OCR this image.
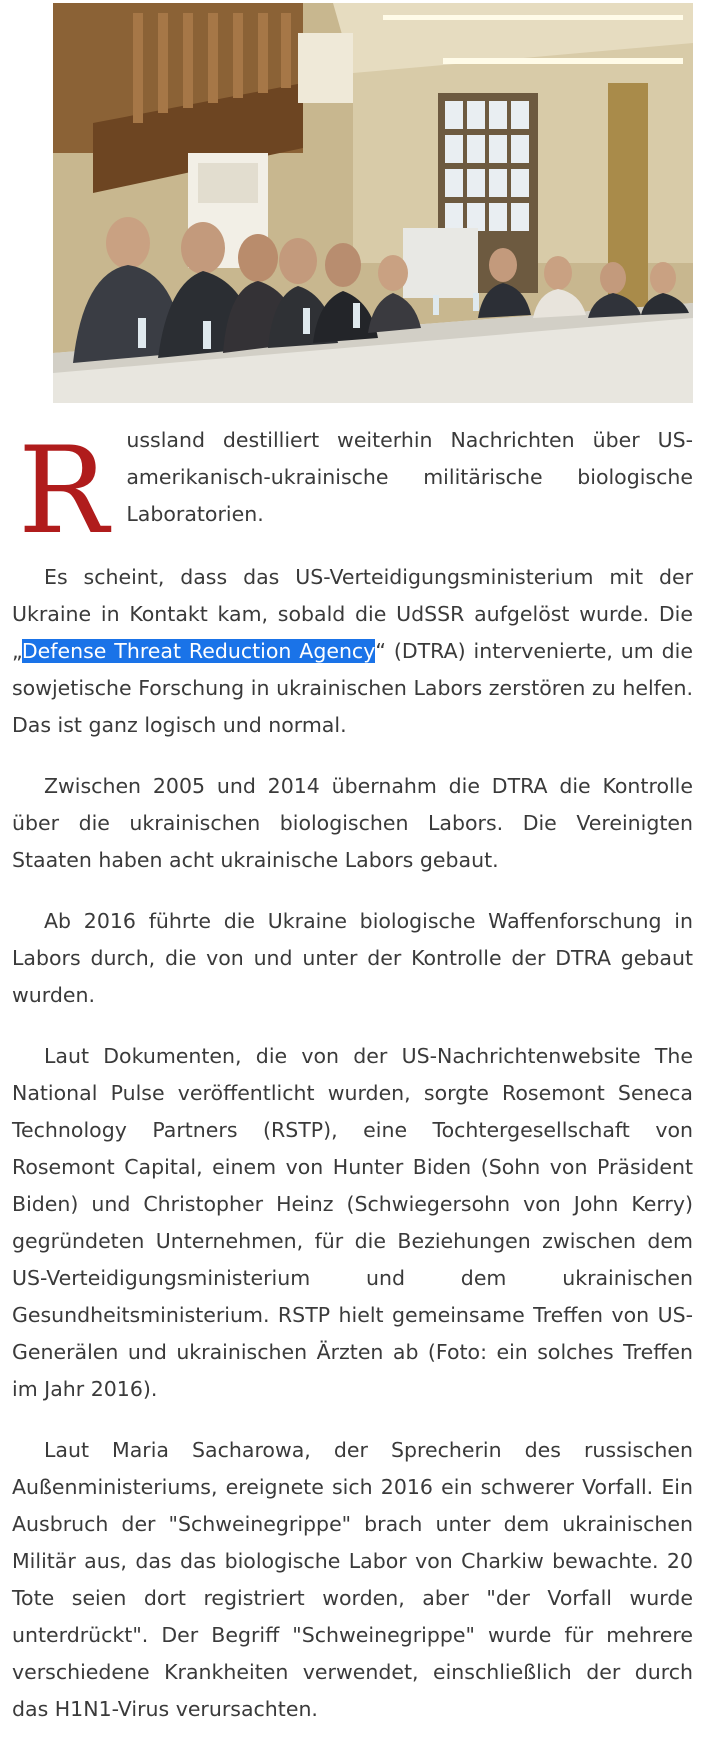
Russland destilliert weiterhin Nachrichten über US-amerikanisch-ukrainische militärische biologische Laboratorien.

Es scheint, dass das US-Verteidigungsministerium mit der Ukraine in Kontakt kam, sobald die UdSSR aufgelöst wurde. Die „Defense Threat Reduction Agency“ (DTRA) intervenierte, um die sowjetische Forschung in ukrainischen Labors zerstören zu helfen. Das ist ganz logisch und normal.

Zwischen 2005 und 2014 übernahm die DTRA die Kontrolle über die ukrainischen biologischen Labors. Die Vereinigten Staaten haben acht ukrainische Labors gebaut.

Ab 2016 führte die Ukraine biologische Waffenforschung in Labors durch, die von und unter der Kontrolle der DTRA gebaut wurden.

Laut Dokumenten, die von der US-Nachrichtenwebsite The National Pulse veröffentlicht wurden, sorgte Rosemont Seneca Technology Partners (RSTP), eine Tochtergesellschaft von Rosemont Capital, einem von Hunter Biden (Sohn von Präsident Biden) und Christopher Heinz (Schwiegersohn von John Kerry) gegründeten Unternehmen, für die Beziehungen zwischen dem US-Verteidigungsministerium und dem ukrainischen Gesundheitsministerium. RSTP hielt gemeinsame Treffen von US-Generälen und ukrainischen Ärzten ab (Foto: ein solches Treffen im Jahr 2016).

Laut Maria Sacharowa, der Sprecherin des russischen Außenministeriums, ereignete sich 2016 ein schwerer Vorfall. Ein Ausbruch der "Schweinegrippe" brach unter dem ukrainischen Militär aus, das das biologische Labor von Charkiw bewachte. 20 Tote seien dort registriert worden, aber "der Vorfall wurde unterdrückt". Der Begriff "Schweinegrippe" wurde für mehrere verschiedene Krankheiten verwendet, einschließlich der durch das H1N1-Virus verursachten.
